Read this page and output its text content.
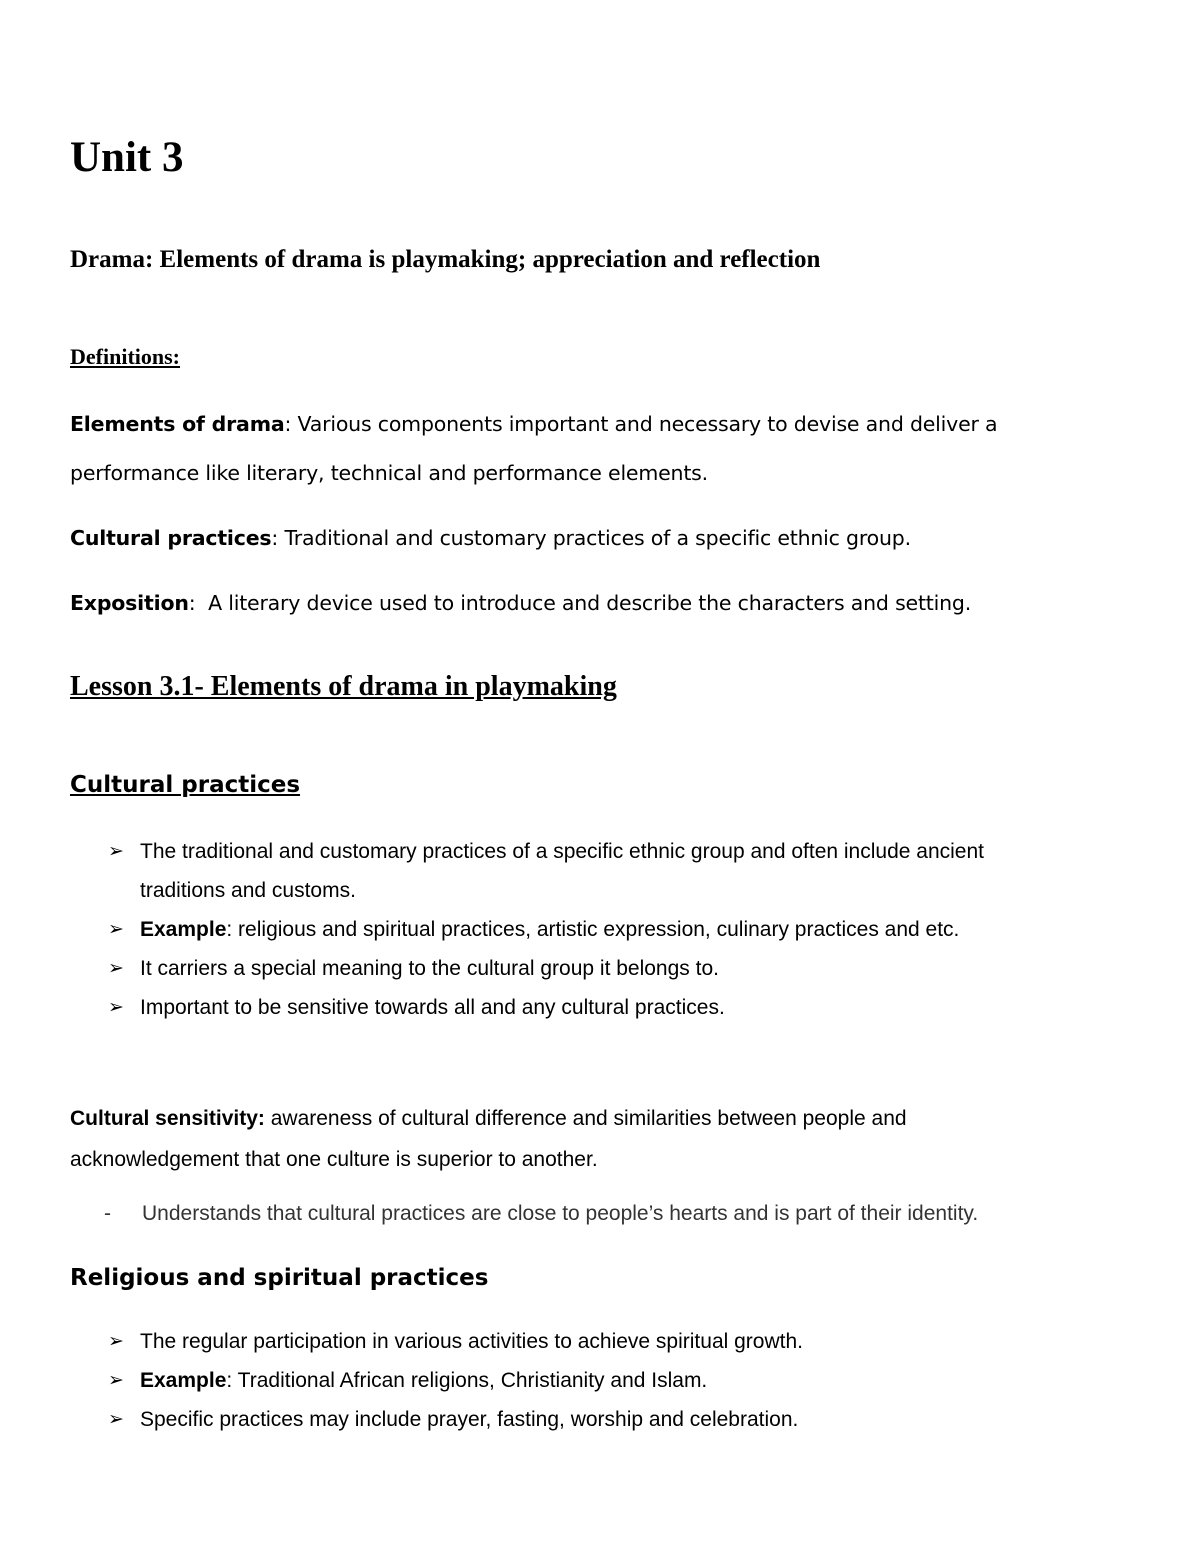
Unit 3
Drama: Elements of drama is playmaking; appreciation and reflection
Definitions:
Elements of drama: Various components important and necessary to devise and deliver a
performance like literary, technical and performance elements.
Cultural practices: Traditional and customary practices of a specific ethnic group.
Exposition:  A literary device used to introduce and describe the characters and setting.
Lesson 3.1- Elements of drama in playmaking
Cultural practices
➢ The traditional and customary practices of a specific ethnic group and often include ancient
traditions and customs.
➢ Example: religious and spiritual practices, artistic expression, culinary practices and etc.
➢ It carriers a special meaning to the cultural group it belongs to.
➢ Important to be sensitive towards all and any cultural practices.
Cultural sensitivity: awareness of cultural difference and similarities between people and
acknowledgement that one culture is superior to another.
- Understands that cultural practices are close to people’s hearts and is part of their identity.
Religious and spiritual practices
➢ The regular participation in various activities to achieve spiritual growth.
➢ Example: Traditional African religions, Christianity and Islam.
➢ Specific practices may include prayer, fasting, worship and celebration.
